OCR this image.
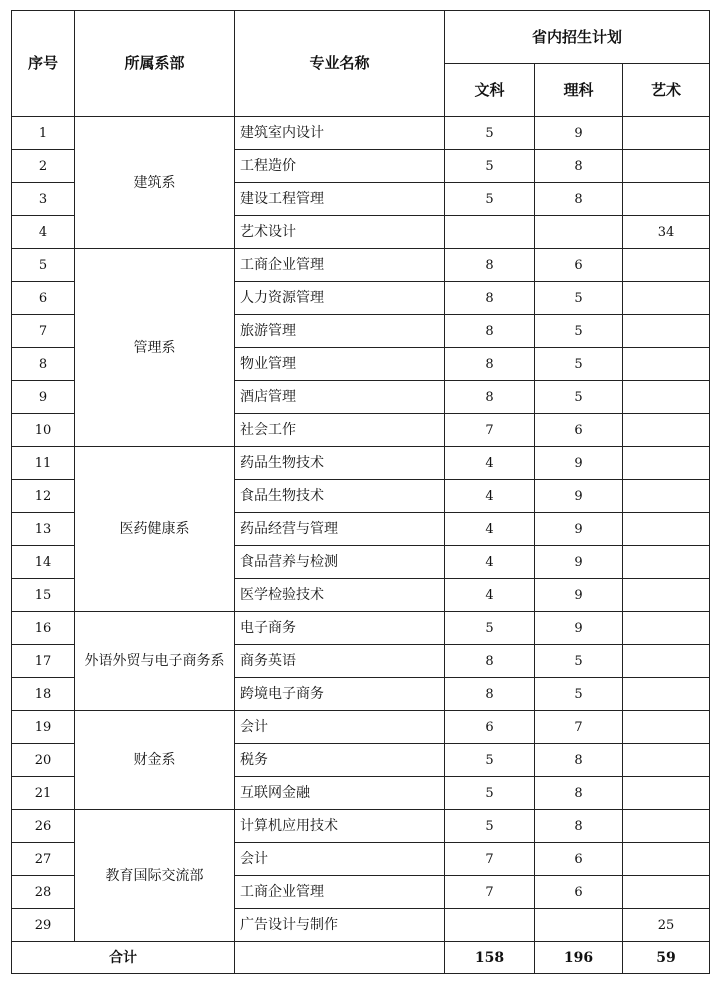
序号	所属系部	专业名称	省内招生计划		
			文科	理科	艺术
1	建筑系	建筑室内设计	5	9	
2		工程造价	5	8	
3		建设工程管理	5	8	
4		艺术设计			34
5	管理系	工商企业管理	8	6	
6		人力资源管理	8	5	
7		旅游管理	8	5	
8		物业管理	8	5	
9		酒店管理	8	5	
10		社会工作	7	6	
11	医药健康系	药品生物技术	4	9	
12		食品生物技术	4	9	
13		药品经营与管理	4	9	
14		食品营养与检测	4	9	
15		医学检验技术	4	9	
16	外语外贸与电子商务系	电子商务	5	9	
17		商务英语	8	5	
18		跨境电子商务	8	5	
19	财金系	会计	6	7	
20		税务	5	8	
21		互联网金融	5	8	
26	教育国际交流部	计算机应用技术	5	8	
27		会计	7	6	
28		工商企业管理	7	6	
29		广告设计与制作			25
合计			158	196	59
